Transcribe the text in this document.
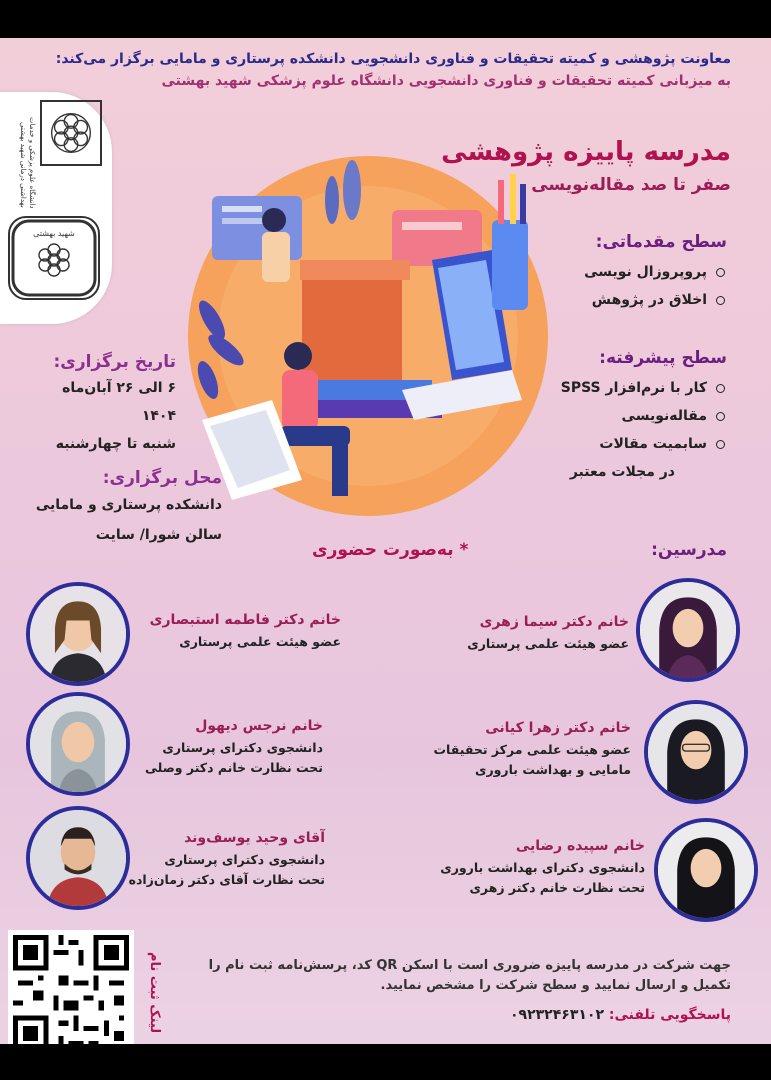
معاونت پژوهشی و کمیته تحقیقات و فناوری دانشجویی دانشکده پرستاری و مامایی برگزار می‌کند:
به میزبانی کمیته تحقیقات و فناوری دانشجویی دانشگاه علوم پزشکی شهید بهشتی
دانشگاه علوم پزشکی و خدمات بهداشتی درمانی شهید بهشتی
شهید بهشتی
مدرسه پاییزه پژوهشی
صفر تا صد مقاله‌نویسی
سطح مقدماتی:
پروپروزال نویسی
اخلاق در پژوهش
سطح پیشرفته:
کار با نرم‌افزار SPSS
مقاله‌نویسی
سابمیت مقالات
در مجلات معتبر
تاریخ برگزاری:
۶ الی ۲۶ آبان‌ماه ۱۴۰۴
شنبه تا چهارشنبه
محل برگزاری:
دانشکده پرستاری و مامایی
سالن شورا/ سایت
* به‌صورت حضوری	مدرسین:
خانم دکتر فاطمه استبصاری
عضو هیئت علمی پرستاری
خانم نرجس دیهول
دانشجوی دکترای پرستاری
تحت نظارت خانم دکتر وصلی
آقای وحید یوسف‌وند
دانشجوی دکترای پرستاری
تحت نظارت آقای دکتر زمان‌زاده
خانم دکتر سیما زهری
عضو هیئت علمی پرستاری
خانم دکتر زهرا کیانی
عضو هیئت علمی مرکز تحقیقات
مامایی و بهداشت باروری
خانم سپیده رضایی
دانشجوی دکترای بهداشت باروری
تحت نظارت خانم دکتر زهری
لینک ثبت نام	جهت شرکت در مدرسه پاییزه ضروری است با اسکن QR کد، پرسش‌نامه ثبت نام را تکمیل و ارسال نمایید و سطح شرکت را مشخص نمایید.
پاسخگویی تلفنی: ۰۹۲۳۲۴۶۳۱۰۲
